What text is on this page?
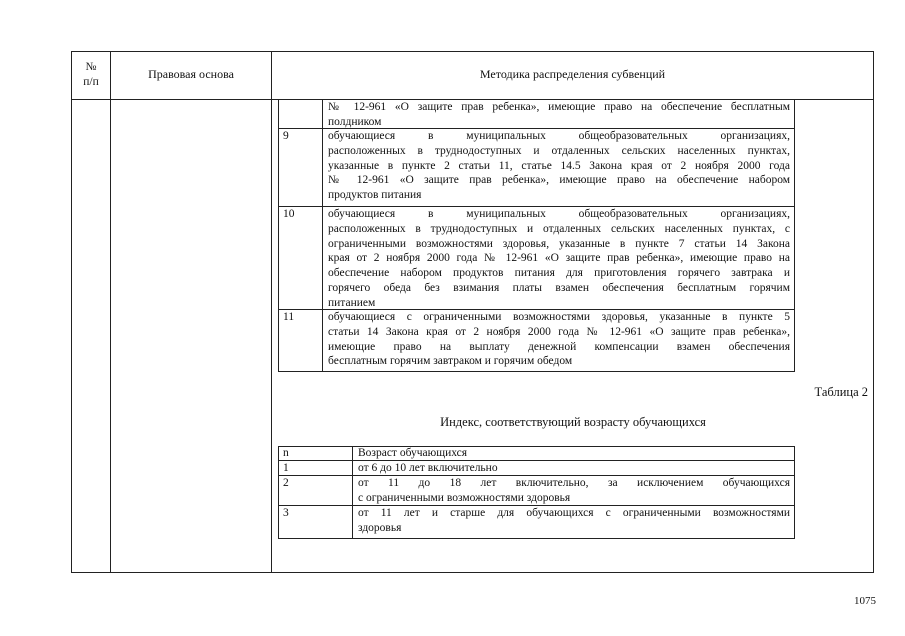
№
п/п
Правовая основа	Методика распределения субвенций
№ 12-961 «О защите прав ребенка», имеющие право на обеспечение бесплатным
полдником
9	обучающиеся в муниципальных общеобразовательных организациях,
расположенных в труднодоступных и отдаленных сельских населенных пунктах,
указанные в пункте 2 статьи 11, статье 14.5 Закона края от 2 ноября 2000 года
№ 12-961 «О защите прав ребенка», имеющие право на обеспечение набором
продуктов питания
10	обучающиеся в муниципальных общеобразовательных организациях,
расположенных в труднодоступных и отдаленных сельских населенных пунктах, с
ограниченными возможностями здоровья, указанные в пункте 7 статьи 14 Закона
края от 2 ноября 2000 года № 12-961 «О защите прав ребенка», имеющие право на
обеспечение набором продуктов питания для приготовления горячего завтрака и
горячего обеда без взимания платы взамен обеспечения бесплатным горячим
питанием
11	обучающиеся с ограниченными возможностями здоровья, указанные в пункте 5
статьи 14 Закона края от 2 ноября 2000 года № 12-961 «О защите прав ребенка»,
имеющие право на выплату денежной компенсации взамен обеспечения
бесплатным горячим завтраком и горячим обедом
Таблица 2
Индекс, соответствующий возрасту обучающихся
n	Возраст обучающихся
1	от 6 до 10 лет включительно
2	от 11 до 18 лет включительно, за исключением обучающихся
с ограниченными возможностями здоровья
3	от 11 лет и старше для обучающихся с ограниченными возможностями
здоровья
1075
